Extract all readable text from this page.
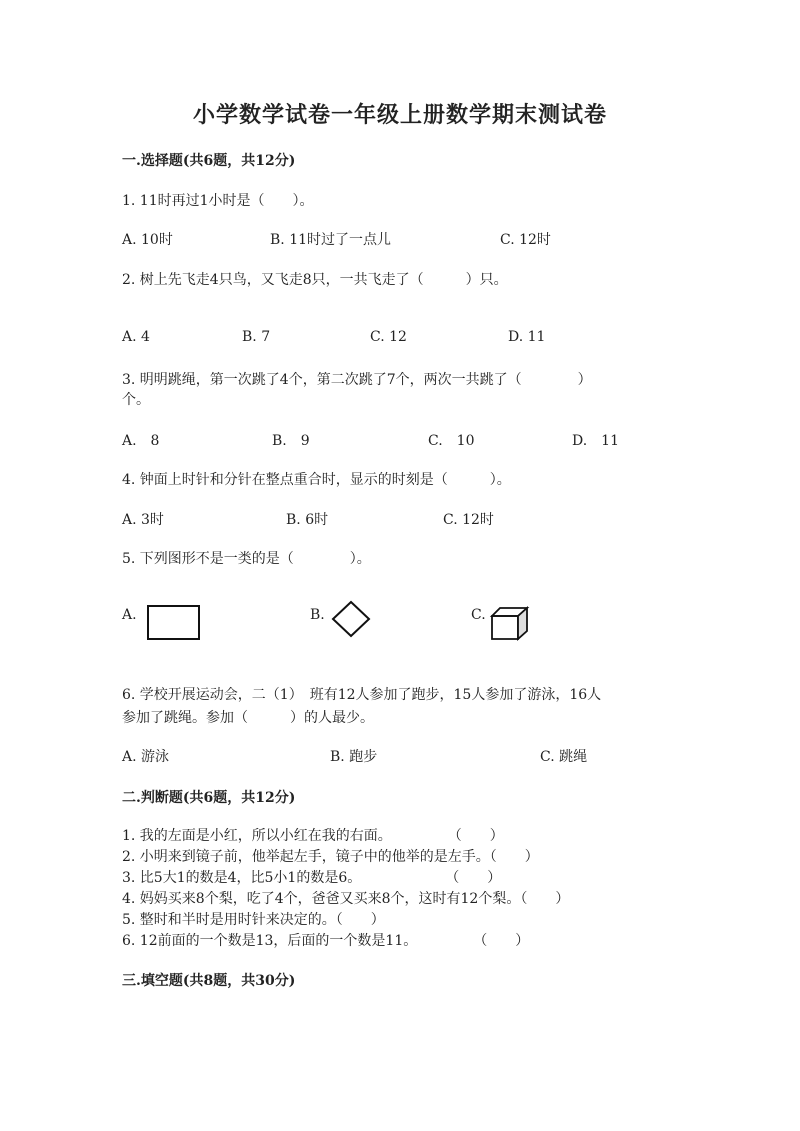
小学数学试卷一年级上册数学期末测试卷
一.选择题(共6题，共12分)
1. 11时再过1小时是（　　）。
A. 10时	B. 11时过了一点儿	C. 12时
2. 树上先飞走4只鸟，又飞走8只，一共飞走了（　　　）只。
A. 4	B. 7	C. 12	D. 11
3. 明明跳绳，第一次跳了4个，第二次跳了7个，两次一共跳了（　　　　）
个。
A.　8	B.　9	C.　10	D.　11
4. 钟面上时针和分针在整点重合时，显示的时刻是（　　　）。
A. 3时	B. 6时	C. 12时
5. 下列图形不是一类的是（　　　　）。
A.	B.	C.
6. 学校开展运动会，二（1）　班有12人参加了跑步，15人参加了游泳，16人
参加了跳绳。参加（　　　）的人最少。
A. 游泳	B. 跑步	C. 跳绳
二.判断题(共6题，共12分)
1. 我的左面是小红，所以小红在我的右面。　　　　　（　　）
2. 小明来到镜子前，他举起左手，镜子中的他举的是左手。（　　）
3. 比5大1的数是4，比5小1的数是6。　　　　　　　（　　）
4. 妈妈买来8个梨，吃了4个，爸爸又买来8个，这时有12个梨。（　　）
5. 整时和半时是用时针来决定的。（　　）
6. 12前面的一个数是13，后面的一个数是11。　　　　　（　　）
三.填空题(共8题，共30分)
